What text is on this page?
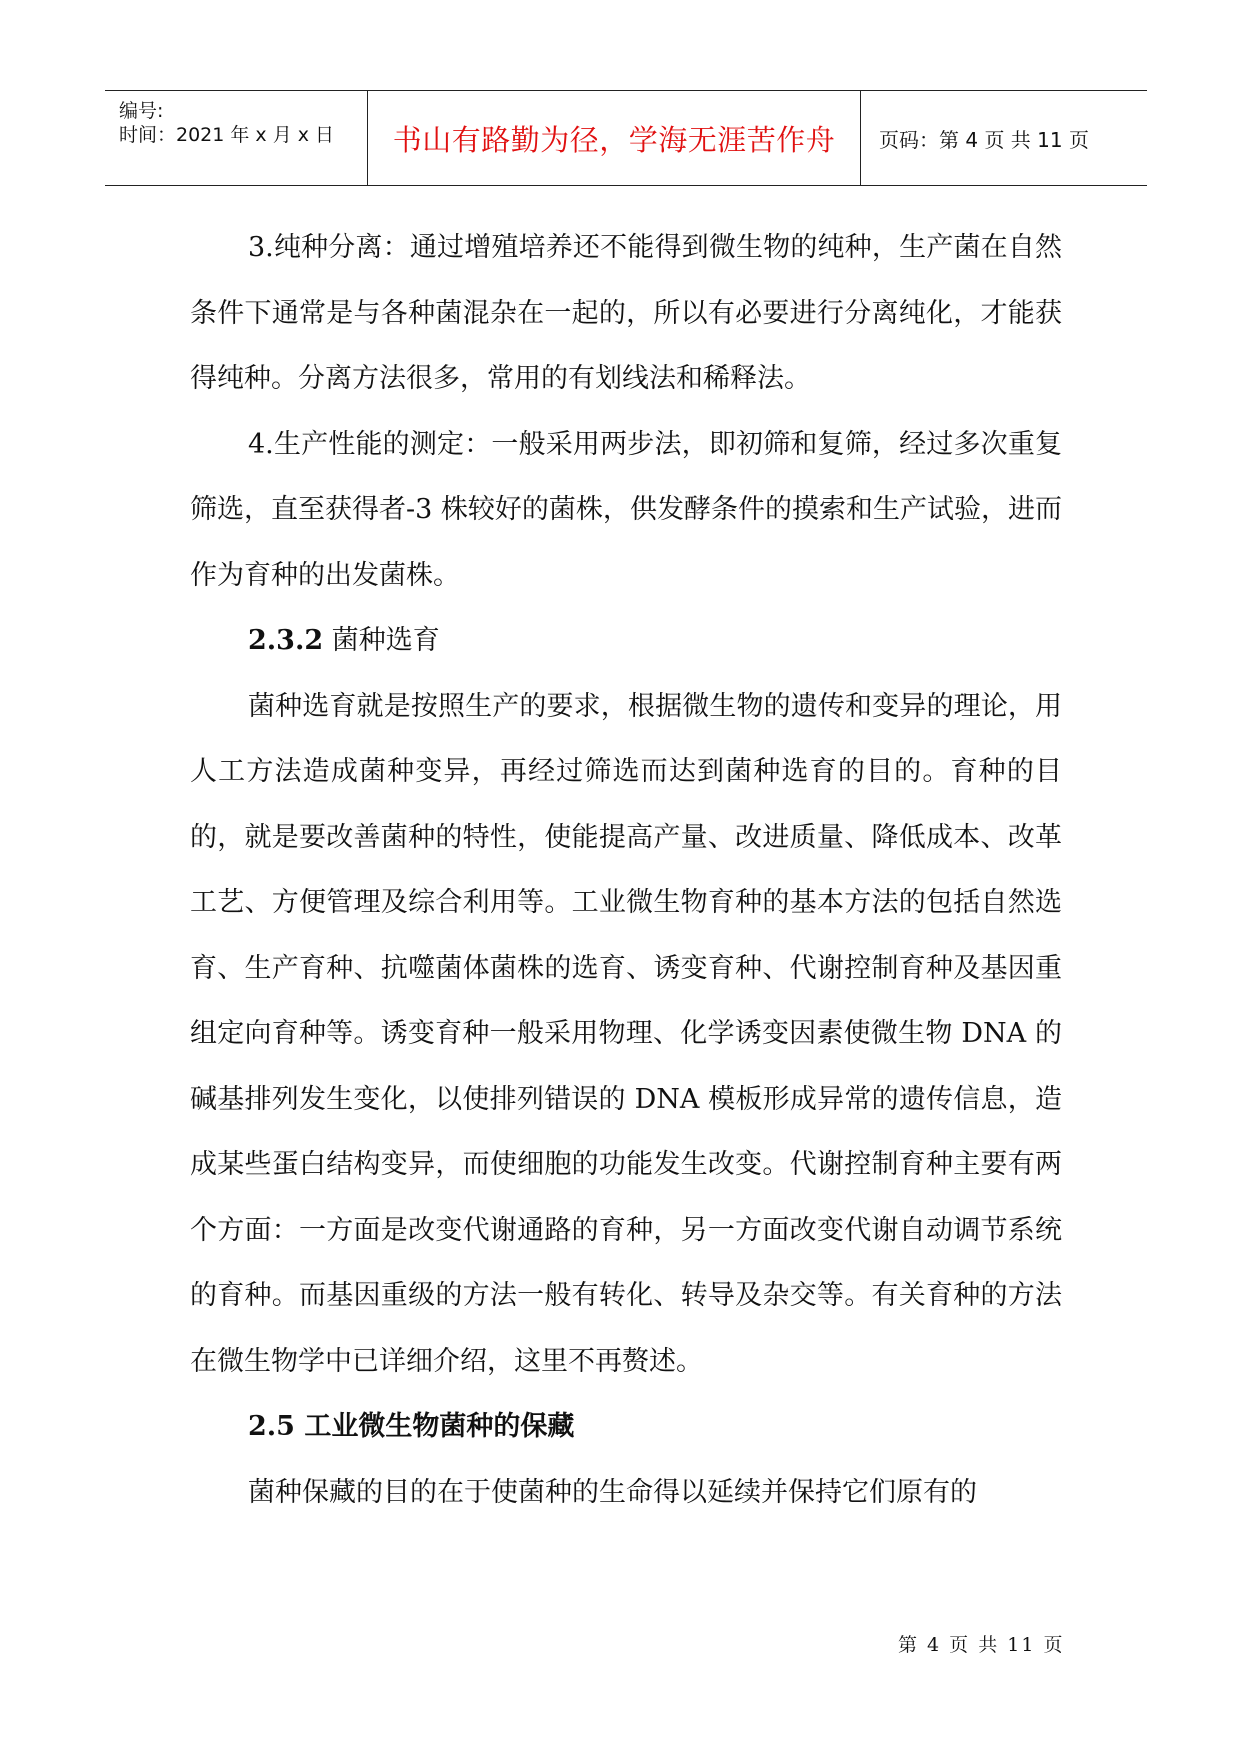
编号:
时间：2021 年 x 月 x 日 书山有路勤为径，学海无涯苦作舟 页码：第 4 页 共 11 页

3.纯种分离：通过增殖培养还不能得到微生物的纯种，生产菌在自然条件下通常是与各种菌混杂在一起的，所以有必要进行分离纯化，才能获得纯种。分离方法很多，常用的有划线法和稀释法。

4.生产性能的测定：一般采用两步法，即初筛和复筛，经过多次重复筛选，直至获得者-3 株较好的菌株，供发酵条件的摸索和生产试验，进而作为育种的出发菌株。

2.3.2 菌种选育

菌种选育就是按照生产的要求，根据微生物的遗传和变异的理论，用人工方法造成菌种变异，再经过筛选而达到菌种选育的目的。育种的目的，就是要改善菌种的特性，使能提高产量、改进质量、降低成本、改革工艺、方便管理及综合利用等。工业微生物育种的基本方法的包括自然选育、生产育种、抗噬菌体菌株的选育、诱变育种、代谢控制育种及基因重组定向育种等。诱变育种一般采用物理、化学诱变因素使微生物 DNA 的碱基排列发生变化，以使排列错误的 DNA 模板形成异常的遗传信息，造成某些蛋白结构变异，而使细胞的功能发生改变。代谢控制育种主要有两个方面：一方面是改变代谢通路的育种，另一方面改变代谢自动调节系统的育种。而基因重级的方法一般有转化、转导及杂交等。有关育种的方法在微生物学中已详细介绍，这里不再赘述。

2.5 工业微生物菌种的保藏

菌种保藏的目的在于使菌种的生命得以延续并保持它们原有的

第 4 页 共 11 页
